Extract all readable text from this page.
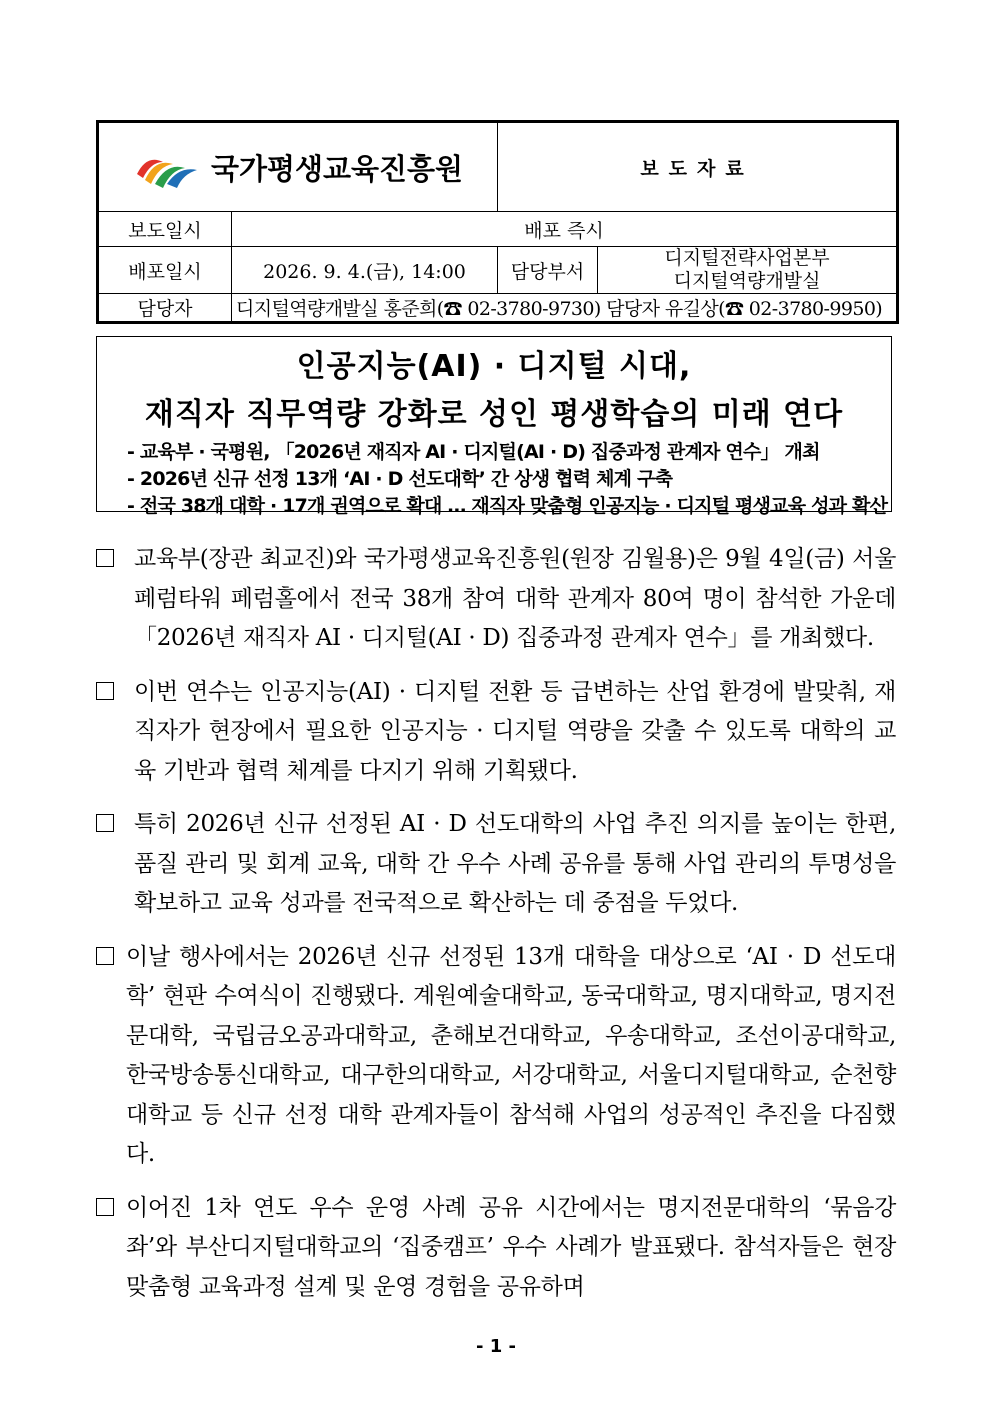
국가평생교육진흥원		보도자료	
보도일시	배포 즉시		
배포일시	2026. 9. 4.(금), 14:00	담당부서	디지털전략사업본부
디지털역량개발실

담당자	디지털역량개발실 홍준희(☎ 02-3780-9730) 담당자 유길상(☎ 02-3780-9950)		
인공지능(AI) · 디지털 시대,
재직자 직무역량 강화로 성인 평생학습의 미래 연다
- 교육부 · 국평원, 「2026년 재직자 AI · 디지털(AI · D) 집중과정 관계자 연수」 개최
- 2026년 신규 선정 13개 ‘AI · D 선도대학’ 간 상생 협력 체계 구축
- 전국 38개 대학 · 17개 권역으로 확대 … 재직자 맞춤형 인공지능 · 디지털 평생교육 성과 확산
교육부(장관 최교진)와 국가평생교육진흥원(원장 김월용)은 9월 4일(금) 서울 페럼타워 페럼홀에서 전국 38개 참여 대학 관계자 80여 명이 참석한 가운데 「2026년 재직자 AI · 디지털(AI · D) 집중과정 관계자 연수」를 개최했다.
이번 연수는 인공지능(AI) · 디지털 전환 등 급변하는 산업 환경에 발맞춰, 재직자가 현장에서 필요한 인공지능 · 디지털 역량을 갖출 수 있도록 대학의 교육 기반과 협력 체계를 다지기 위해 기획됐다.
특히 2026년 신규 선정된 AI · D 선도대학의 사업 추진 의지를 높이는 한편, 품질 관리 및 회계 교육, 대학 간 우수 사례 공유를 통해 사업 관리의 투명성을 확보하고 교육 성과를 전국적으로 확산하는 데 중점을 두었다.
이날 행사에서는 2026년 신규 선정된 13개 대학을 대상으로 ‘AI · D 선도대학’ 현판 수여식이 진행됐다. 계원예술대학교, 동국대학교, 명지대학교, 명지전문대학, 국립금오공과대학교, 춘해보건대학교, 우송대학교, 조선이공대학교, 한국방송통신대학교, 대구한의대학교, 서강대학교, 서울디지털대학교, 순천향대학교 등 신규 선정 대학 관계자들이 참석해 사업의 성공적인 추진을 다짐했다.
이어진 1차 연도 우수 운영 사례 공유 시간에서는 명지전문대학의 ‘묶음강좌’와 부산디지털대학교의 ‘집중캠프’ 우수 사례가 발표됐다. 참석자들은 현장 맞춤형 교육과정 설계 및 운영 경험을 공유하며
- 1 -
